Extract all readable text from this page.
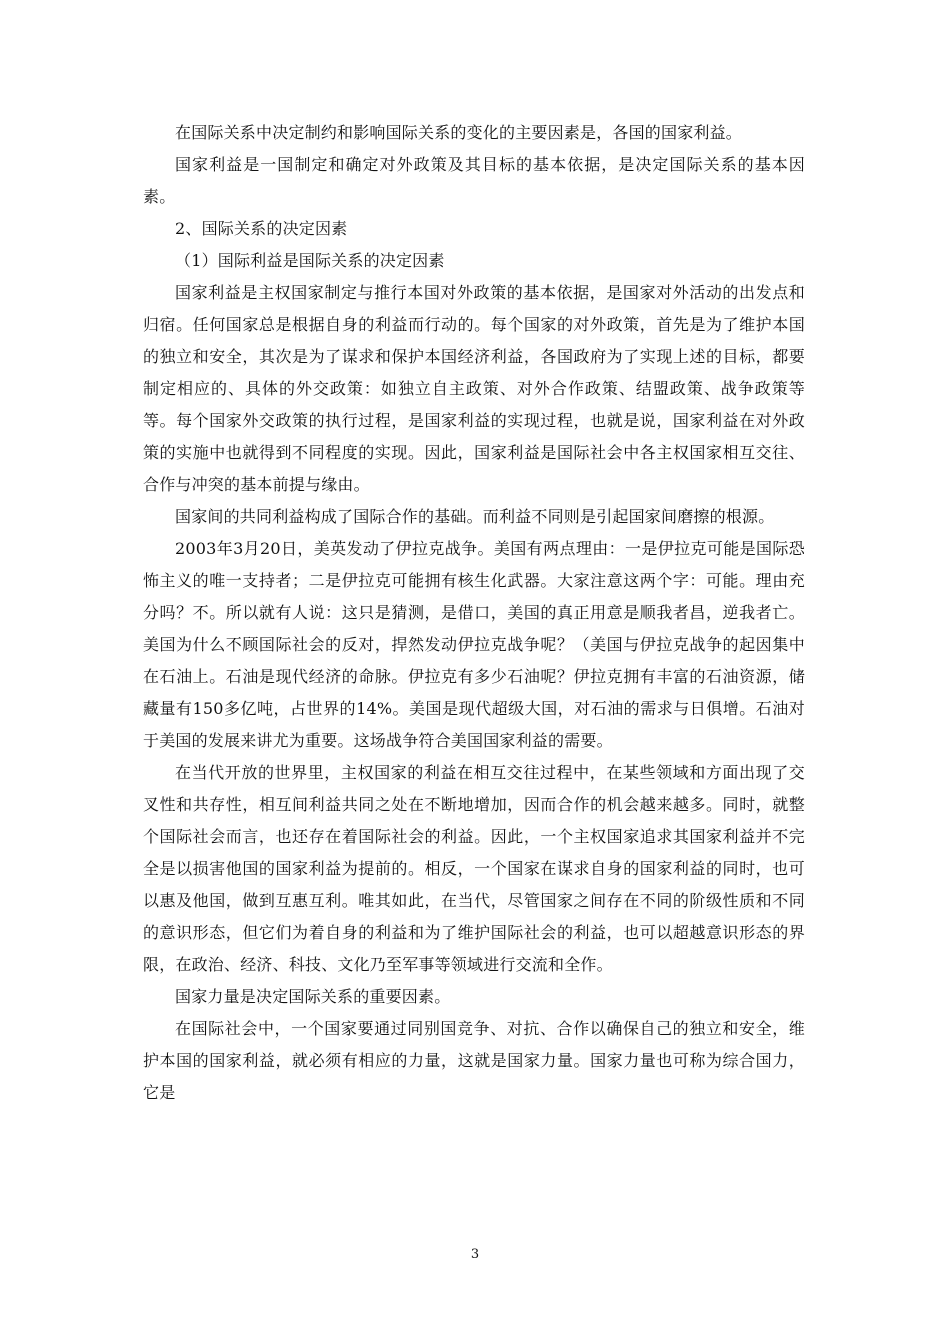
在国际关系中决定制约和影响国际关系的变化的主要因素是，各国的国家利益。

国家利益是一国制定和确定对外政策及其目标的基本依据，是决定国际关系的基本因素。

2、国际关系的决定因素

（1）国际利益是国际关系的决定因素

国家利益是主权国家制定与推行本国对外政策的基本依据，是国家对外活动的出发点和归宿。任何国家总是根据自身的利益而行动的。每个国家的对外政策，首先是为了维护本国的独立和安全，其次是为了谋求和保护本国经济利益，各国政府为了实现上述的目标，都要制定相应的、具体的外交政策：如独立自主政策、对外合作政策、结盟政策、战争政策等等。每个国家外交政策的执行过程，是国家利益的实现过程，也就是说，国家利益在对外政策的实施中也就得到不同程度的实现。因此，国家利益是国际社会中各主权国家相互交往、合作与冲突的基本前提与缘由。

国家间的共同利益构成了国际合作的基础。而利益不同则是引起国家间磨擦的根源。

2003年3月20日，美英发动了伊拉克战争。美国有两点理由：一是伊拉克可能是国际恐怖主义的唯一支持者；二是伊拉克可能拥有核生化武器。大家注意这两个字：可能。理由充分吗？不。所以就有人说：这只是猜测，是借口，美国的真正用意是顺我者昌，逆我者亡。美国为什么不顾国际社会的反对，捍然发动伊拉克战争呢？（美国与伊拉克战争的起因集中在石油上。石油是现代经济的命脉。伊拉克有多少石油呢？伊拉克拥有丰富的石油资源，储藏量有150多亿吨，占世界的14%。美国是现代超级大国，对石油的需求与日俱增。石油对于美国的发展来讲尤为重要。这场战争符合美国国家利益的需要。

在当代开放的世界里，主权国家的利益在相互交往过程中，在某些领域和方面出现了交叉性和共存性，相互间利益共同之处在不断地增加，因而合作的机会越来越多。同时，就整个国际社会而言，也还存在着国际社会的利益。因此，一个主权国家追求其国家利益并不完全是以损害他国的国家利益为提前的。相反，一个国家在谋求自身的国家利益的同时，也可以惠及他国，做到互惠互利。唯其如此，在当代，尽管国家之间存在不同的阶级性质和不同的意识形态，但它们为着自身的利益和为了维护国际社会的利益，也可以超越意识形态的界限，在政治、经济、科技、文化乃至军事等领域进行交流和全作。

国家力量是决定国际关系的重要因素。

在国际社会中，一个国家要通过同别国竞争、对抗、合作以确保自己的独立和安全，维护本国的国家利益，就必须有相应的力量，这就是国家力量。国家力量也可称为综合国力，它是

3
